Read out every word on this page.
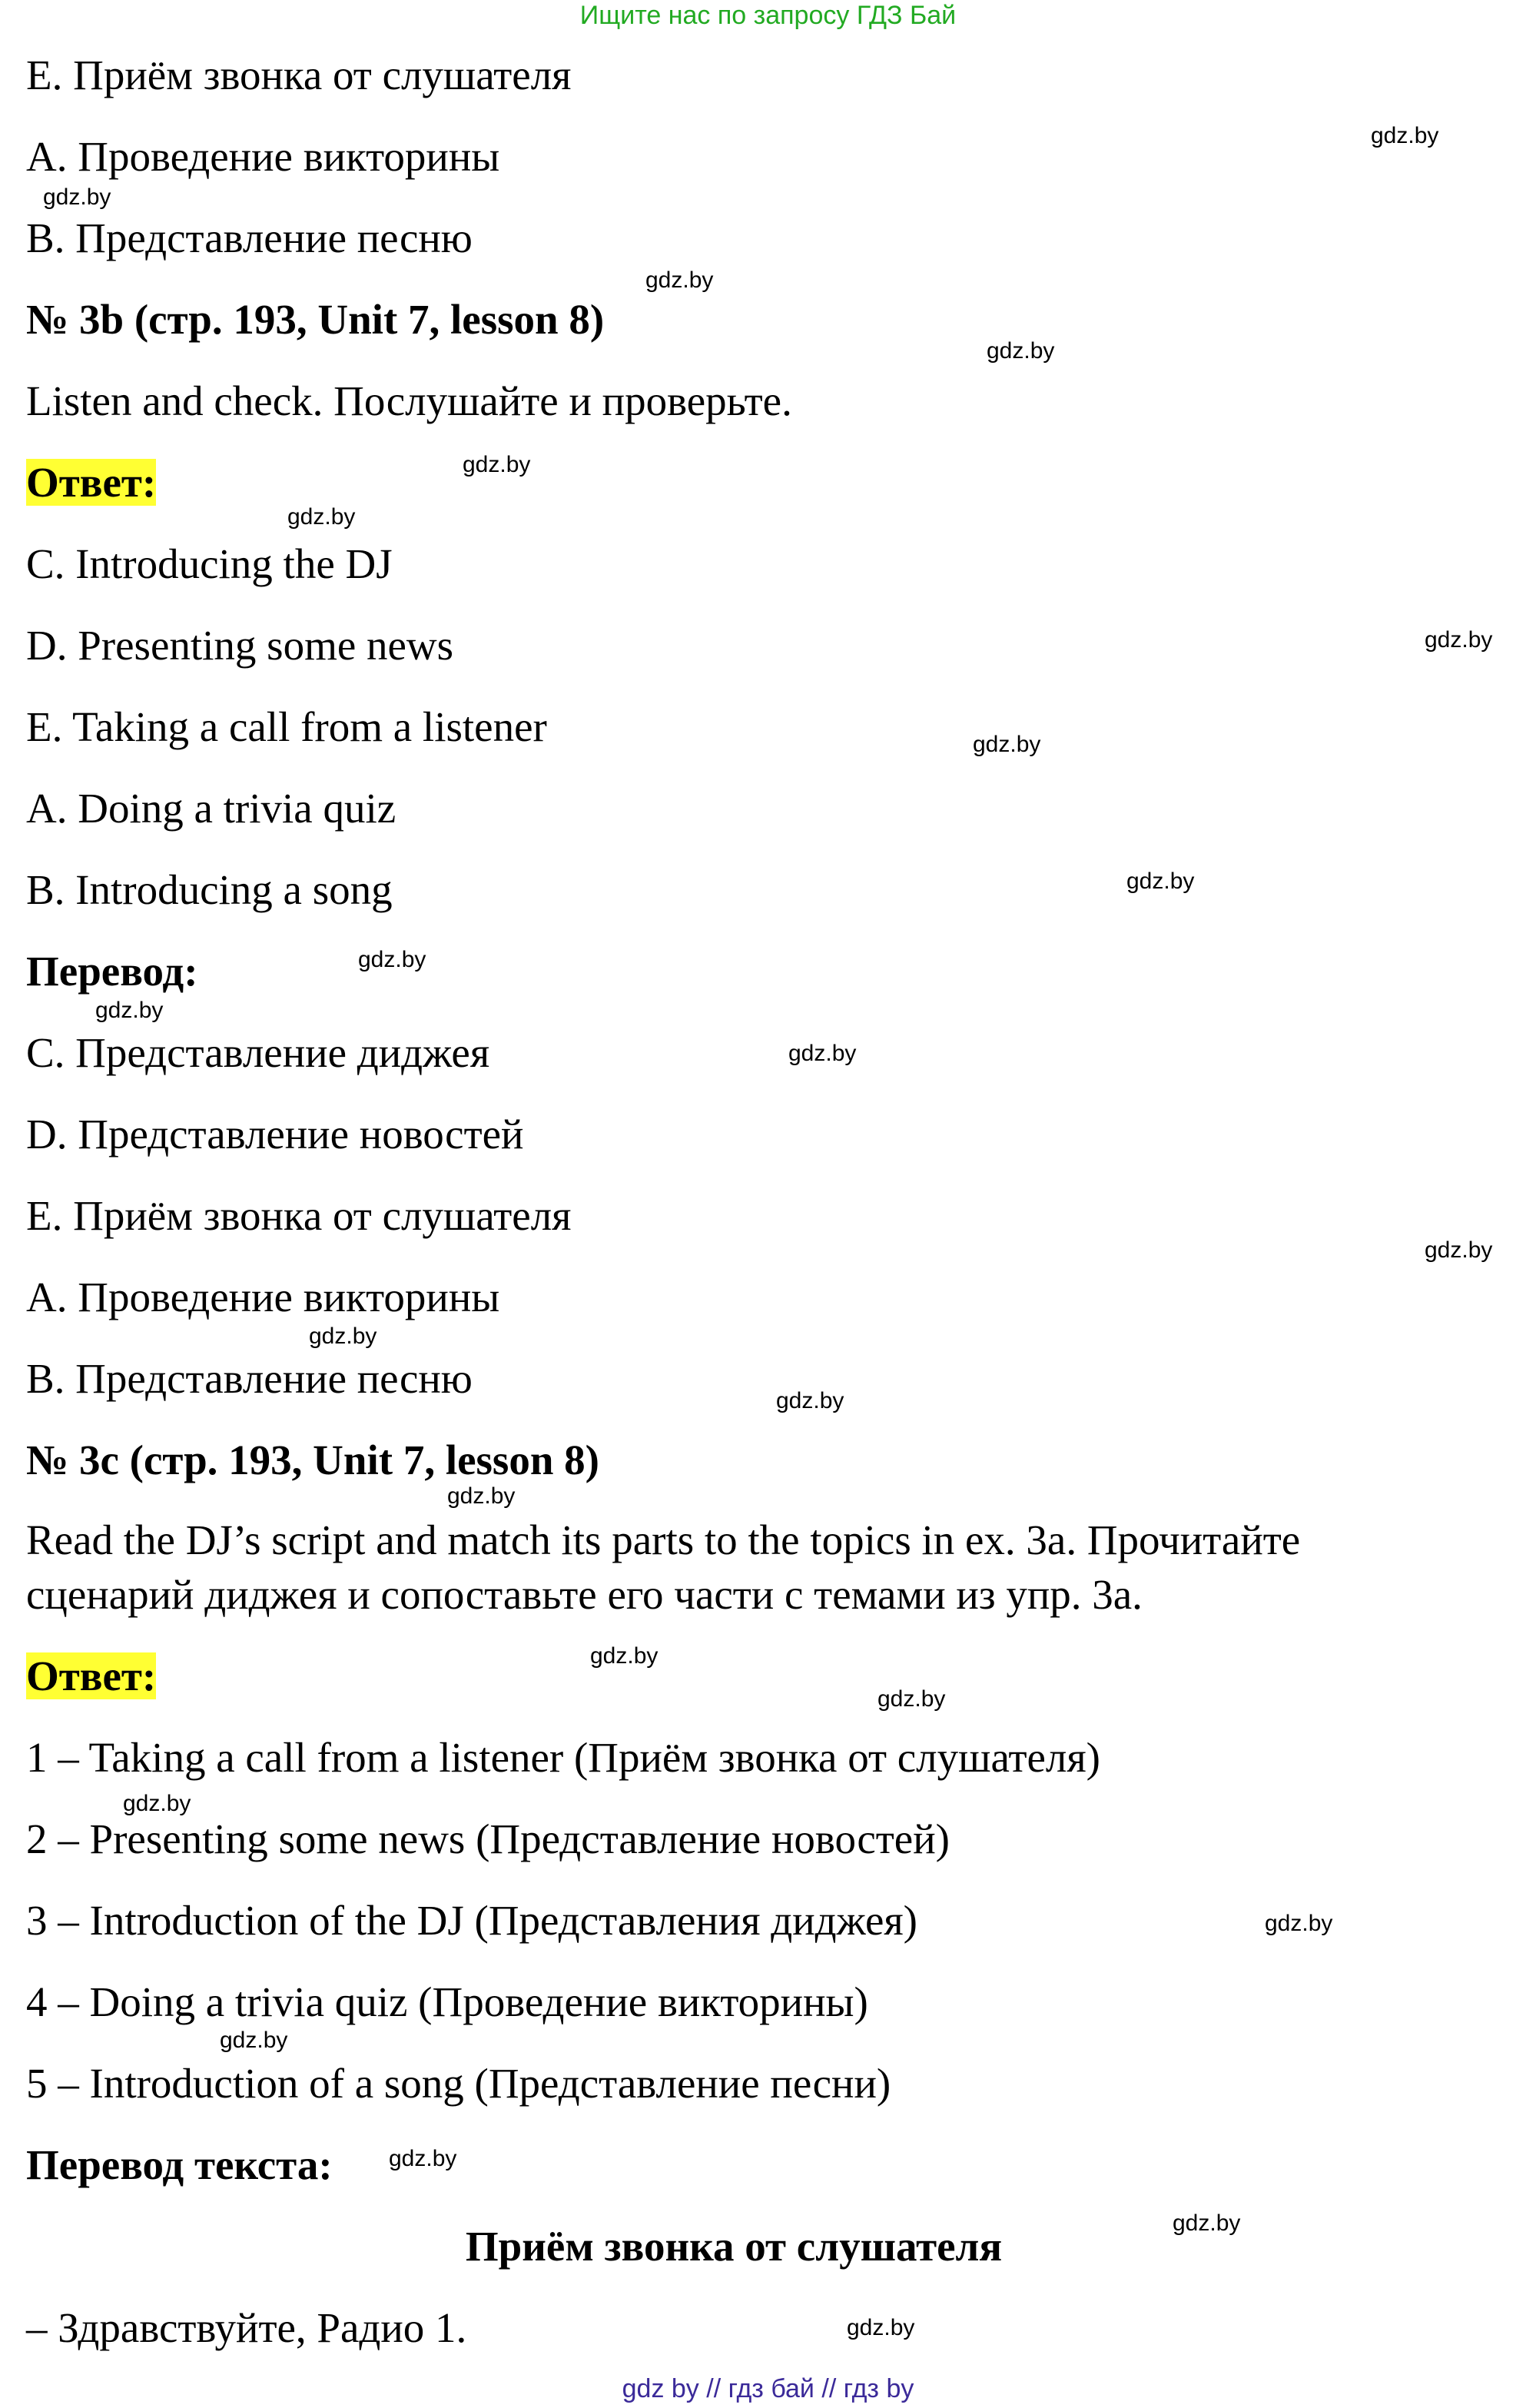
Ищите нас по запросу ГДЗ Бай
E. Приём звонка от слушателя
A. Проведение викторины
B. Представление песню
№ 3b (стр. 193, Unit 7, lesson 8)
Listen and check. Послушайте и проверьте.
Ответ:
C. Introducing the DJ
D. Presenting some news
E. Taking a call from a listener
A. Doing a trivia quiz
B. Introducing a song
Перевод:
C. Представление диджея
D. Представление новостей
E. Приём звонка от слушателя
A. Проведение викторины
B. Представление песню
№ 3c (стр. 193, Unit 7, lesson 8)
Read the DJ’s script and match its parts to the topics in ex. 3a. Прочитайте
сценарий диджея и сопоставьте его части с темами из упр. 3a.
Ответ:
1 – Taking a call from a listener (Приём звонка от слушателя)
2 – Presenting some news (Представление новостей)
3 – Introduction of the DJ (Представления диджея)
4 – Doing a trivia quiz (Проведение викторины)
5 – Introduction of a song (Представление песни)
Перевод текста:
Приём звонка от слушателя
– Здравствуйте, Радио 1.
gdz.by
gdz.by
gdz.by
gdz.by
gdz.by
gdz.by
gdz.by
gdz.by
gdz.by
gdz.by
gdz.by
gdz.by
gdz.by
gdz.by
gdz.by
gdz.by
gdz.by
gdz.by
gdz.by
gdz.by
gdz.by
gdz.by
gdz.by
gdz.by
gdz by // гдз бай // гдз by
